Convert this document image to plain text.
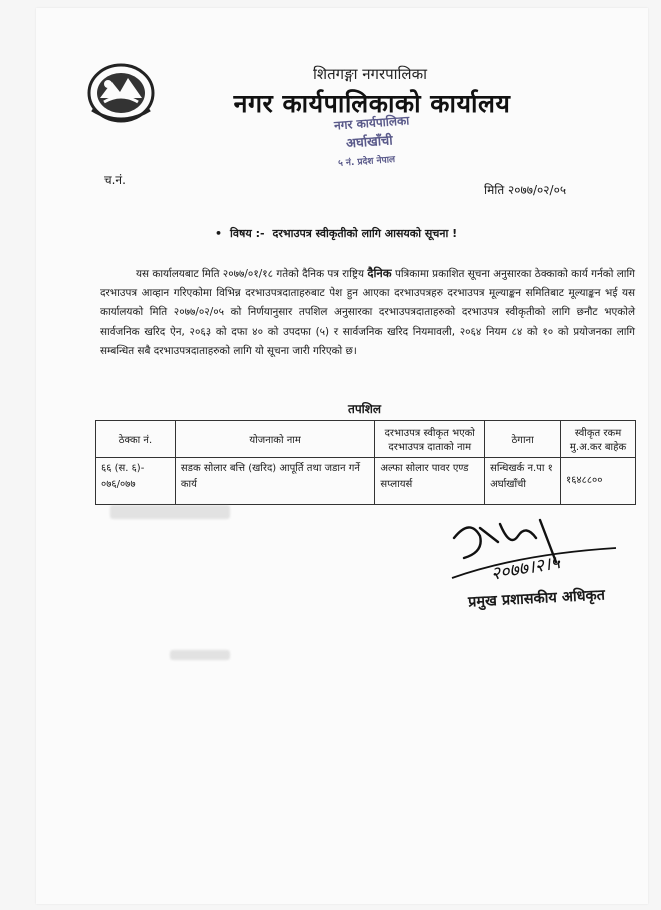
शितगङ्गा नगरपालिका
नगर कार्यपालिकाको कार्यालय
नगर कार्यपालिका
अर्घाखाँची
५ नं. प्रदेश नेपाल
च.नं.
मिति २०७७/०२/०५
• विषय :- दरभाउपत्र स्वीकृतीको लागि आसयको सूचना !
यस कार्यालयबाट मिति २०७७/०१/१८ गतेको दैनिक पत्र राष्ट्रिय दैनिक पत्रिकामा प्रकाशित सूचना अनुसारका ठेक्काको कार्य गर्नको लागि दरभाउपत्र आव्हान गरिएकोमा विभिन्न दरभाउपत्रदाताहरुबाट पेश हुन आएका दरभाउपत्रहरु दरभाउपत्र मूल्याङ्कन समितिबाट मूल्याङ्कन भई यस कार्यालयको मिति २०७७/०२/०५ को निर्णयानुसार तपशिल अनुसारका दरभाउपत्रदाताहरुको दरभाउपत्र स्वीकृतीको लागि छनौट भएकोले सार्वजनिक खरिद ऐन, २०६३ को दफा ४० को उपदफा (५) र सार्वजनिक खरिद नियमावली, २०६४ नियम ८४ को १० को प्रयोजनका लागि सम्बन्धित सबै दरभाउपत्रदाताहरुको लागि यो सूचना जारी गरिएको छ।
तपशिल
ठेक्का नं.	योजनाको नाम	दरभाउपत्र स्वीकृत भएको दरभाउपत्र दाताको नाम	ठेगाना	स्वीकृत रकम मु.अ.कर बाहेक
६६ (स. ६)- ०७६/०७७	सडक सोलार बत्ति (खरिद) आपूर्ति तथा जडान गर्ने कार्य	अल्फा सोलार पावर एण्ड सप्लायर्स	सन्धिखर्क न.पा १ अर्घाखाँची	१६४८८००
२०७७।२।५
प्रमुख प्रशासकीय अधिकृत
